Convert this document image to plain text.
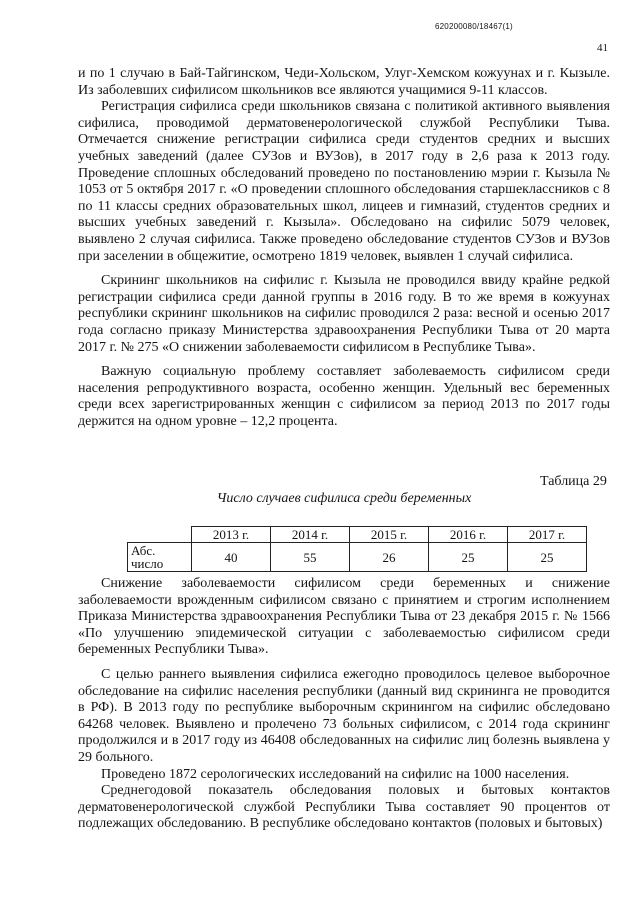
620200080/18467(1)
41

и по 1 случаю в Бай-Тайгинском, Чеди-Хольском, Улуг-Хемском кожуунах и г. Кызыле. Из заболевших сифилисом школьников все являются учащимися 9-11 классов.

Регистрация сифилиса среди школьников связана с политикой активного выявления сифилиса, проводимой дерматовенерологической службой Республики Тыва. Отмечается снижение регистрации сифилиса среди студентов средних и высших учебных заведений (далее СУЗов и ВУЗов), в 2017 году в 2,6 раза к 2013 году. Проведение сплошных обследований проведено по постановлению мэрии г. Кызыла № 1053 от 5 октября 2017 г. «О проведении сплошного обследования старшеклассников с 8 по 11 классы средних образовательных школ, лицеев и гимназий, студентов средних и высших учебных заведений г. Кызыла». Обследовано на сифилис 5079 человек, выявлено 2 случая сифилиса. Также проведено обследование студентов СУЗов и ВУЗов при заселении в общежитие, осмотрено 1819 человек, выявлен 1 случай сифилиса.

Скрининг школьников на сифилис г. Кызыла не проводился ввиду крайне редкой регистрации сифилиса среди данной группы в 2016 году. В то же время в кожуунах республики скрининг школьников на сифилис проводился 2 раза: весной и осенью 2017 года согласно приказу Министерства здравоохранения Республики Тыва от 20 марта 2017 г. № 275 «О снижении заболеваемости сифилисом в Республике Тыва».

Важную социальную проблему составляет заболеваемость сифилисом среди населения репродуктивного возраста, особенно женщин. Удельный вес беременных среди всех зарегистрированных женщин с сифилисом за период 2013 по 2017 годы держится на одном уровне – 12,2 процента.

Таблица 29
Число случаев сифилиса среди беременных
	2013 г.	2014 г.	2015 г.	2016 г.	2017 г.
Абс. число	40	55	26	25	25

Снижение заболеваемости сифилисом среди беременных и снижение заболеваемости врожденным сифилисом связано с принятием и строгим исполнением Приказа Министерства здравоохранения Республики Тыва от 23 декабря 2015 г. № 1566 «По улучшению эпидемической ситуации с заболеваемостью сифилисом среди беременных Республики Тыва».

С целью раннего выявления сифилиса ежегодно проводилось целевое выборочное обследование на сифилис населения республики (данный вид скрининга не проводится в РФ). В 2013 году по республике выборочным скринингом на сифилис обследовано 64268 человек. Выявлено и пролечено 73 больных сифилисом, с 2014 года скрининг продолжился и в 2017 году из 46408 обследованных на сифилис лиц болезнь выявлена у 29 больного.

Проведено 1872 серологических исследований на сифилис на 1000 населения.

Среднегодовой показатель обследования половых и бытовых контактов дерматовенерологической службой Республики Тыва составляет 90 процентов от подлежащих обследованию. В республике обследовано контактов (половых и бытовых)
